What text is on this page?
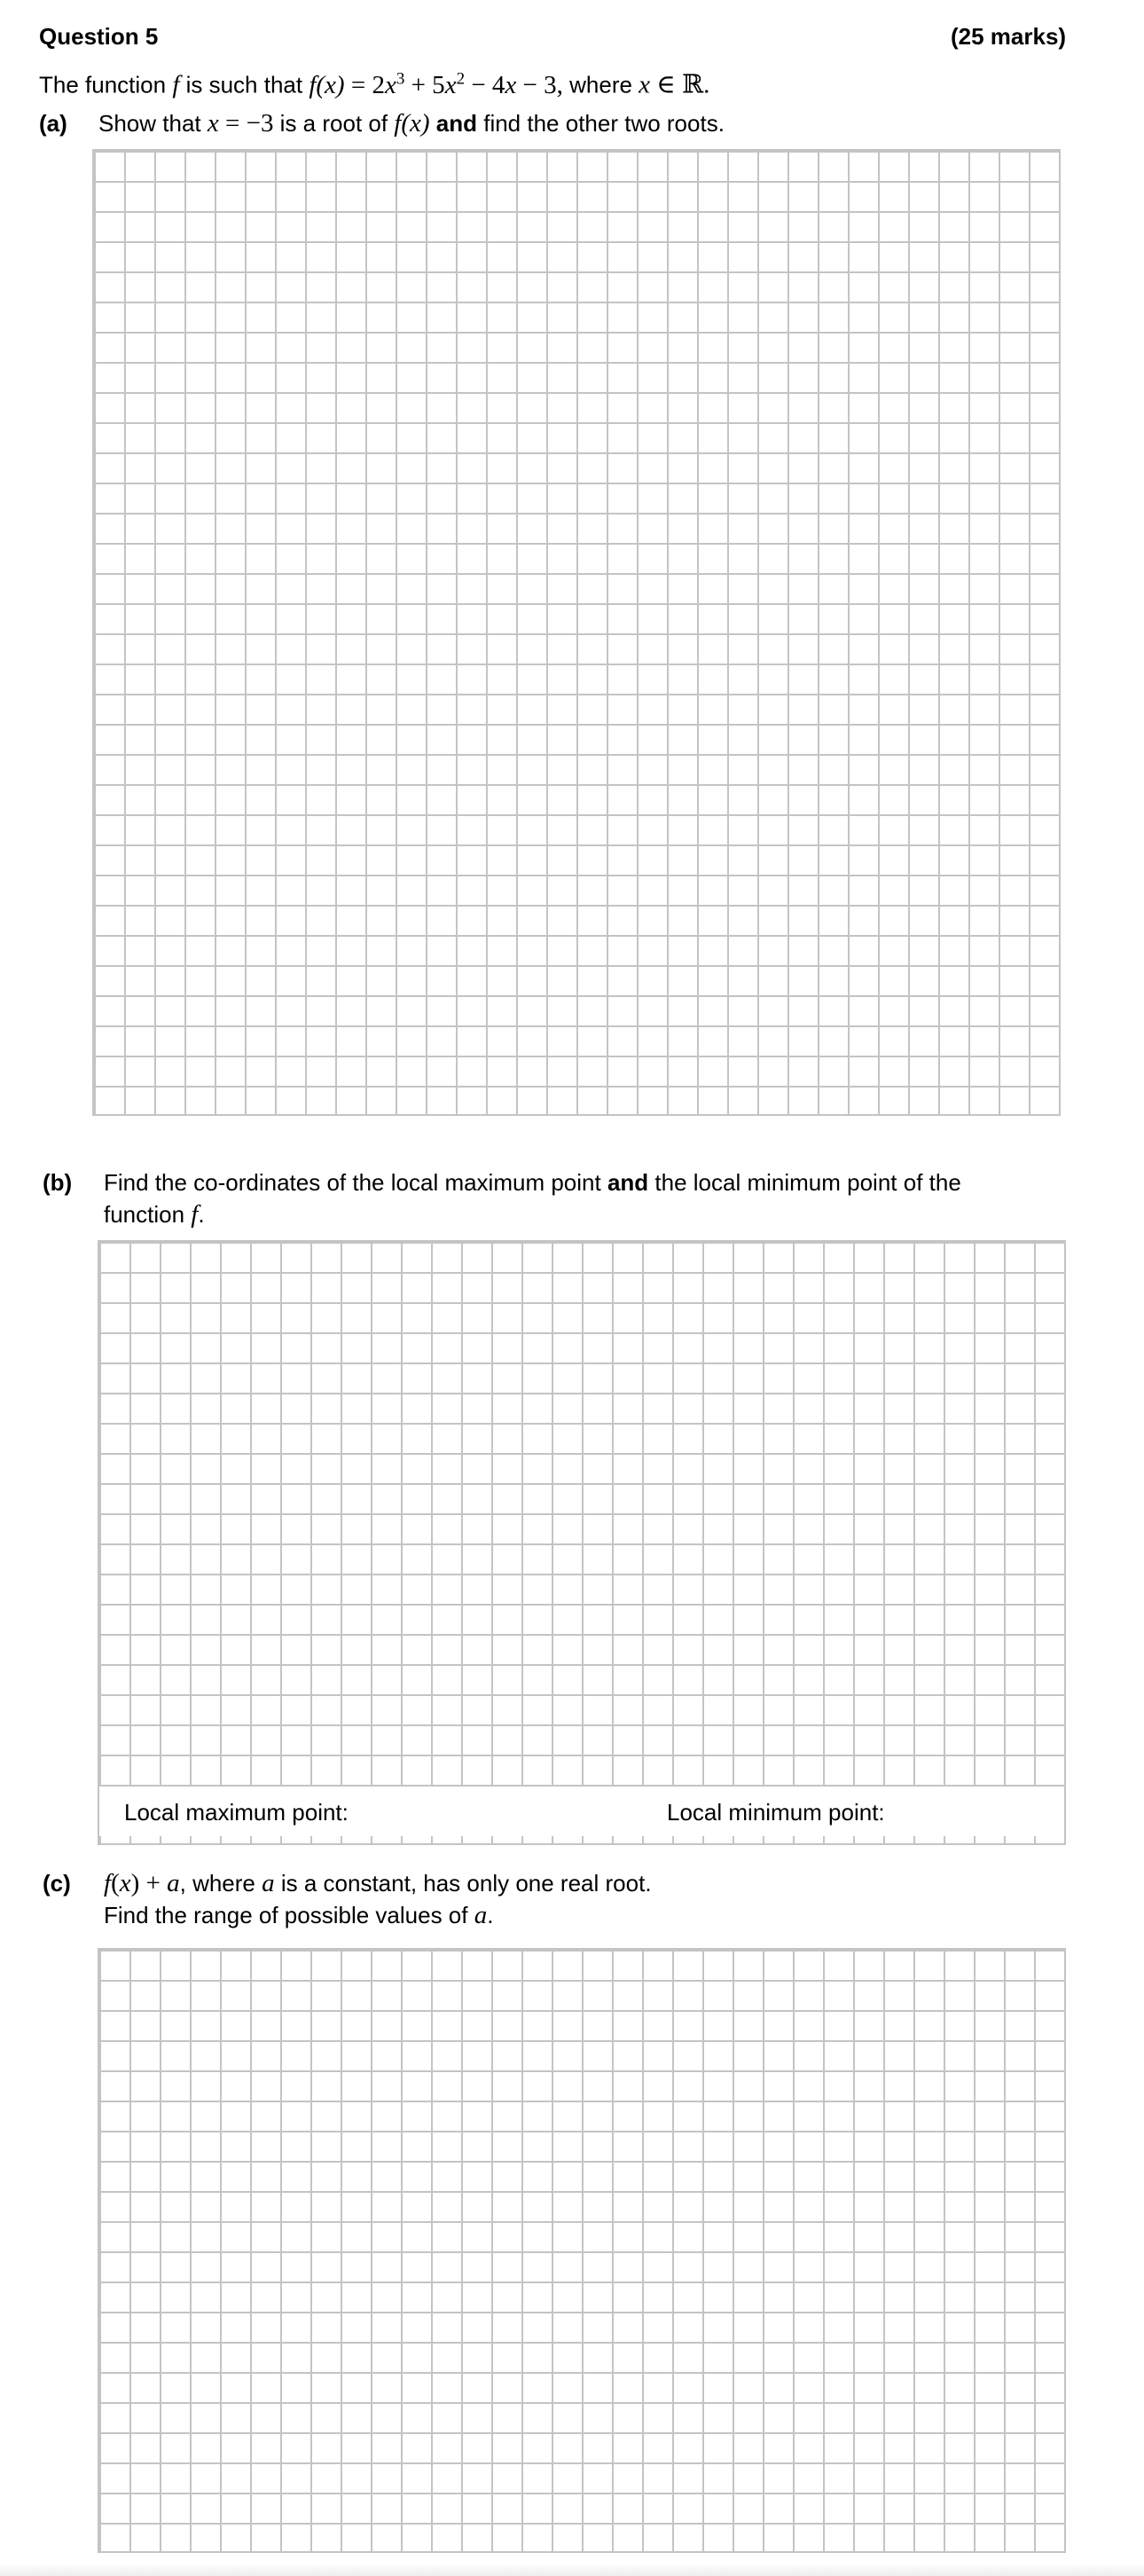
Question 5	(25 marks)
The function f is such that $f(x) = 2x^3 + 5x^2 - 4x - 3$, where x ∈ ℝ.
(a) Show that x = −3 is a root of f(x) and find the other two roots.
(b) Find the co-ordinates of the local maximum point and the local minimum point of the
function f.
Local maximum point:	Local minimum point:
(c) f(x) + a, where a is a constant, has only one real root.
Find the range of possible values of a.
